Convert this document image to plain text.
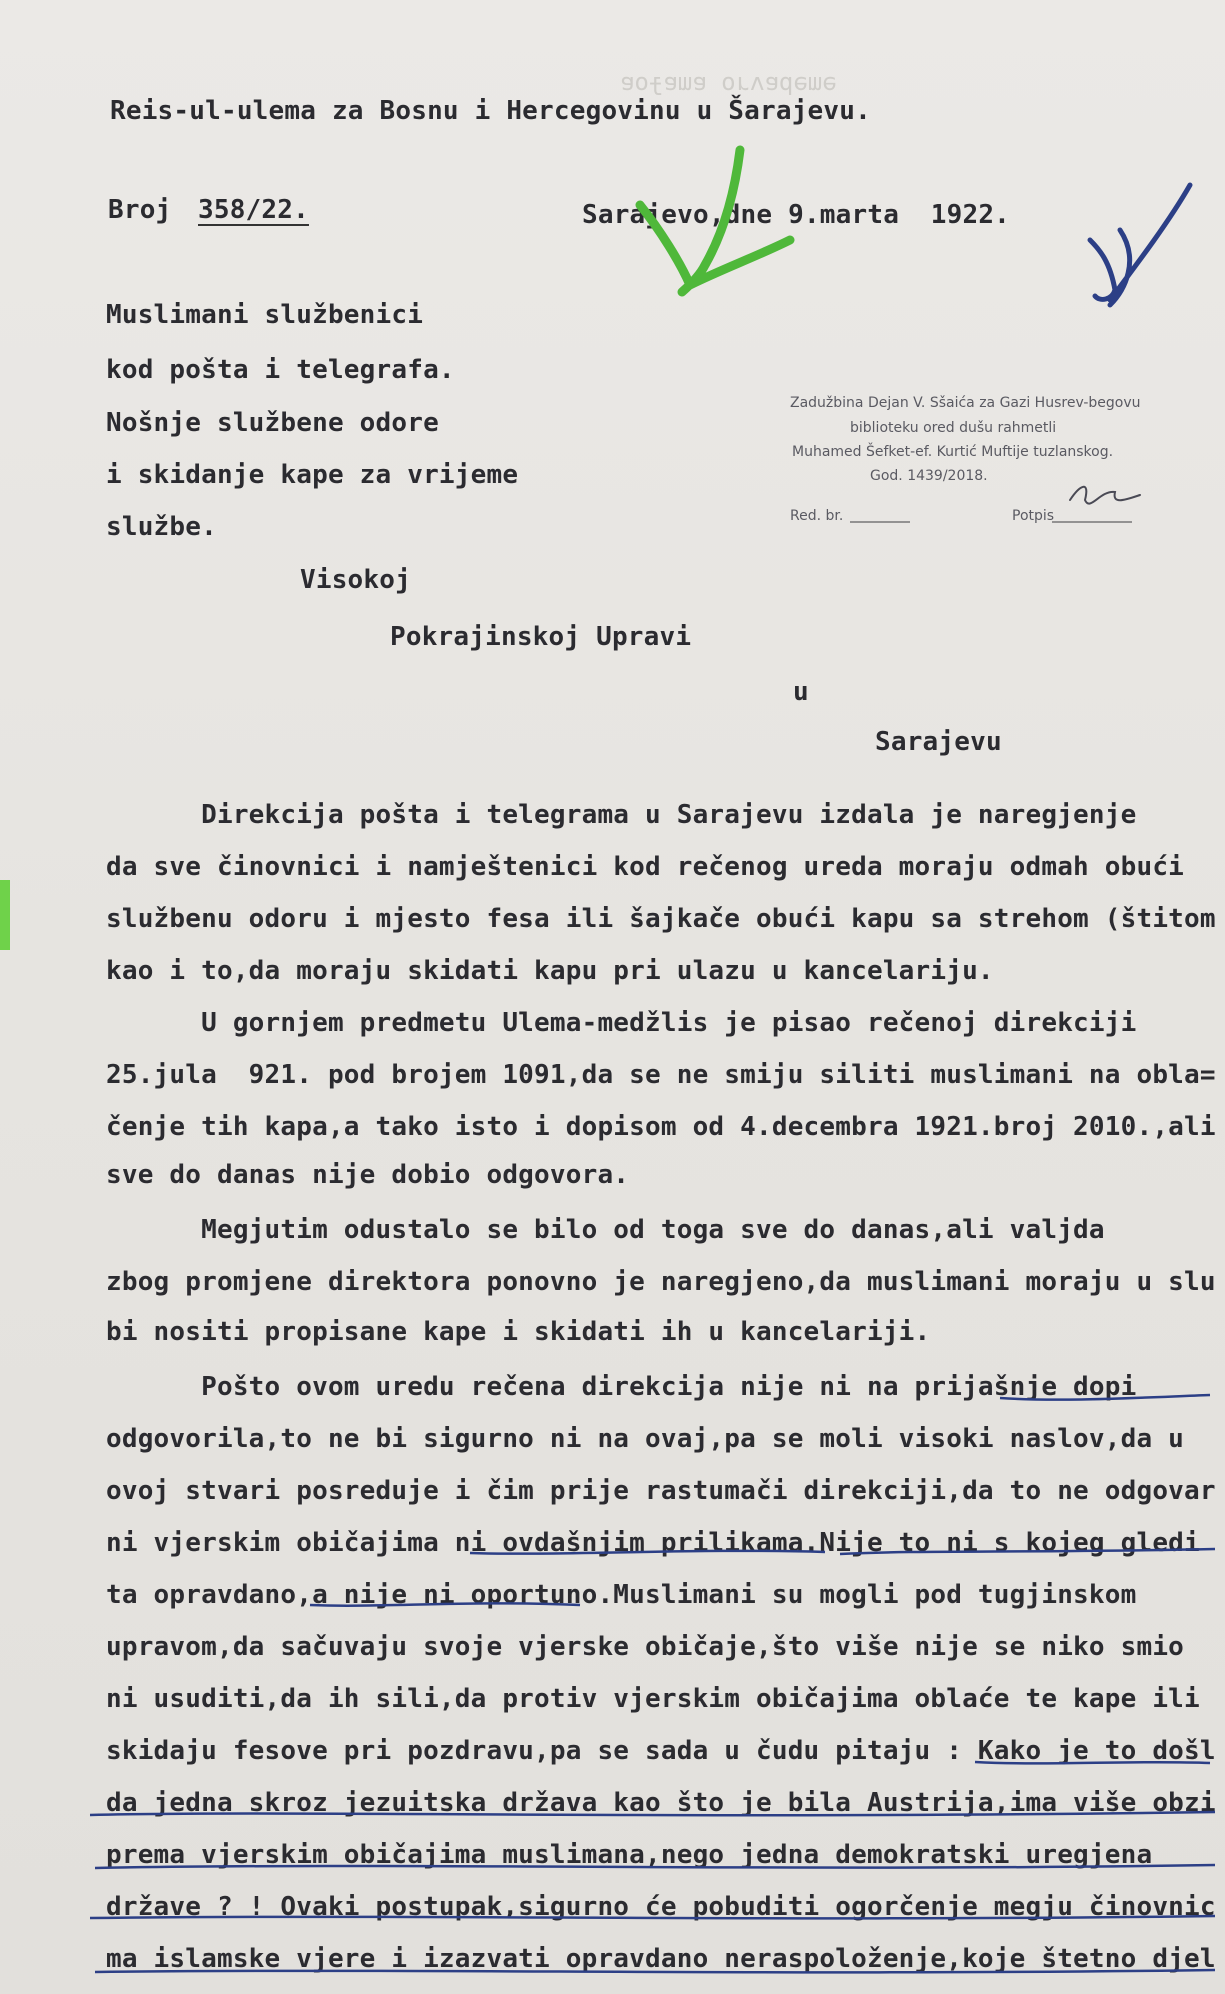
ǝɯǝpɐʌɹo ɐɯɐɟoɐ
Reis-ul-ulema za Bosnu i Hercegovinu u Šarajevu.
Broj 358/22.	Sarajevo,dne 9.marta  1922.
Muslimani službenici
kod pošta i telegrafa.
Nošnje službene odore
i skidanje kape za vrijeme
službe.
Zadužbina Dejan V. Sšaića za Gazi Husrev-begovu
biblioteku ored dušu rahmetli
Muhamed Šefket-ef. Kurtić Muftije tuzlanskog.
God. 1439/2018.
Red. br.	Potpis
Visokoj
Pokrajinskoj Upravi
u
Sarajevu
Direkcija pošta i telegrama u Sarajevu izdala je naregjenje
da sve činovnici i namještenici kod rečenog ureda moraju odmah obući
službenu odoru i mjesto fesa ili šajkače obući kapu sa strehom (štitom
kao i to,da moraju skidati kapu pri ulazu u kancelariju.
U gornjem predmetu Ulema-medžlis je pisao rečenoj direkciji
25.jula  921. pod brojem 1091,da se ne smiju siliti muslimani na obla=
čenje tih kapa,a tako isto i dopisom od 4.decembra 1921.broj 2010.,ali
sve do danas nije dobio odgovora.
Megjutim odustalo se bilo od toga sve do danas,ali valjda
zbog promjene direktora ponovno je naregjeno,da muslimani moraju u slu
bi nositi propisane kape i skidati ih u kancelariji.
Pošto ovom uredu rečena direkcija nije ni na prijašnje dopi
odgovorila,to ne bi sigurno ni na ovaj,pa se moli visoki naslov,da u
ovoj stvari posreduje i čim prije rastumači direkciji,da to ne odgovar
ni vjerskim običajima ni ovdašnjim prilikama.Nije to ni s kojeg gledi
ta opravdano,a nije ni oportuno.Muslimani su mogli pod tugjinskom
upravom,da sačuvaju svoje vjerske običaje,što više nije se niko smio
ni usuditi,da ih sili,da protiv vjerskim običajima oblaće te kape ili
skidaju fesove pri pozdravu,pa se sada u čudu pitaju : Kako je to došl
da jedna skroz jezuitska država kao što je bila Austrija,ima više obzi
prema vjerskim običajima muslimana,nego jedna demokratski uregjena
države ? ! Ovaki postupak,sigurno će pobuditi ogorčenje megju činovnic
ma islamske vjere i izazvati opravdano neraspoloženje,koje štetno djel
